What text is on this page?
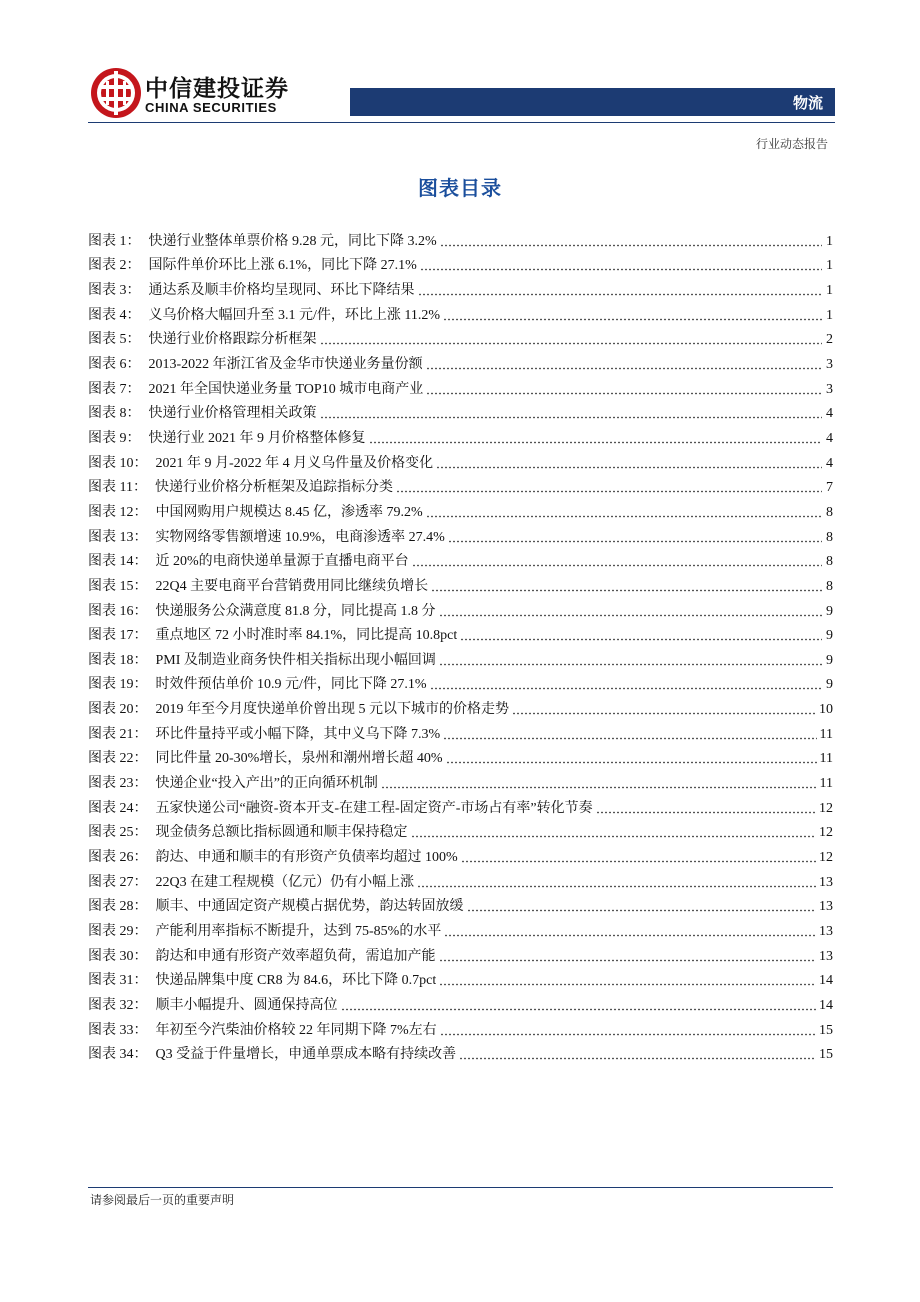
中信建投证券
CHINA SECURITIES	物流
行业动态报告
图表目录
图表 1： 快递行业整体单票价格 9.28 元，同比下降 3.2%	1
图表 2： 国际件单价环比上涨 6.1%，同比下降 27.1%	1
图表 3： 通达系及顺丰价格均呈现同、环比下降结果	1
图表 4： 义乌价格大幅回升至 3.1 元/件，环比上涨 11.2%	1
图表 5： 快递行业价格跟踪分析框架	2
图表 6： 2013-2022 年浙江省及金华市快递业务量份额	3
图表 7： 2021 年全国快递业务量 TOP10 城市电商产业	3
图表 8： 快递行业价格管理相关政策	4
图表 9： 快递行业 2021 年 9 月价格整体修复	4
图表 10： 2021 年 9 月-2022 年 4 月义乌件量及价格变化	4
图表 11： 快递行业价格分析框架及追踪指标分类	7
图表 12： 中国网购用户规模达 8.45 亿，渗透率 79.2%	8
图表 13： 实物网络零售额增速 10.9%，电商渗透率 27.4%	8
图表 14： 近 20%的电商快递单量源于直播电商平台	8
图表 15： 22Q4 主要电商平台营销费用同比继续负增长	8
图表 16： 快递服务公众满意度 81.8 分，同比提高 1.8 分	9
图表 17： 重点地区 72 小时准时率 84.1%，同比提高 10.8pct	9
图表 18： PMI 及制造业商务快件相关指标出现小幅回调	9
图表 19： 时效件预估单价 10.9 元/件，同比下降 27.1%	9
图表 20： 2019 年至今月度快递单价曾出现 5 元以下城市的价格走势	10
图表 21： 环比件量持平或小幅下降，其中义乌下降 7.3%	11
图表 22： 同比件量 20-30%增长，泉州和潮州增长超 40%	11
图表 23： 快递企业“投入产出”的正向循环机制	11
图表 24： 五家快递公司“融资-资本开支-在建工程-固定资产-市场占有率”转化节奏	12
图表 25： 现金债务总额比指标圆通和顺丰保持稳定	12
图表 26： 韵达、申通和顺丰的有形资产负债率均超过 100%	12
图表 27： 22Q3 在建工程规模（亿元）仍有小幅上涨	13
图表 28： 顺丰、中通固定资产规模占据优势，韵达转固放缓	13
图表 29： 产能利用率指标不断提升，达到 75-85%的水平	13
图表 30： 韵达和申通有形资产效率超负荷，需追加产能	13
图表 31： 快递品牌集中度 CR8 为 84.6，环比下降 0.7pct	14
图表 32： 顺丰小幅提升、圆通保持高位	14
图表 33： 年初至今汽柴油价格较 22 年同期下降 7%左右	15
图表 34： Q3 受益于件量增长，申通单票成本略有持续改善	15
请参阅最后一页的重要声明
